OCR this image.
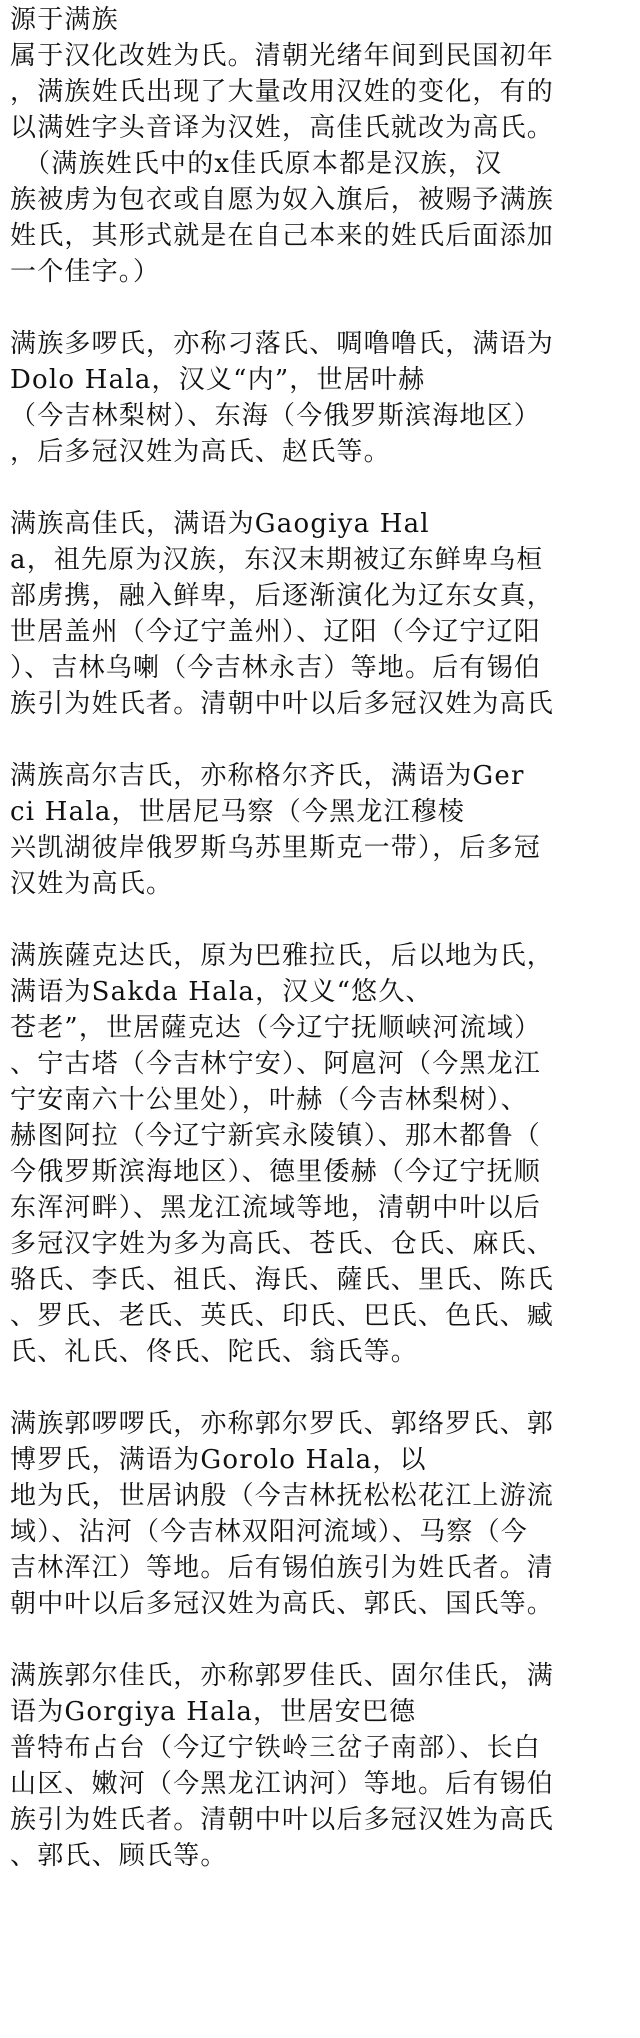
源于满族
属于汉化改姓为氏。清朝光绪年间到民国初年
，满族姓氏出现了大量改用汉姓的变化，有的
以满姓字头音译为汉姓，高佳氏就改为高氏。
（满族姓氏中的x佳氏原本都是汉族，汉
族被虏为包衣或自愿为奴入旗后，被赐予满族
姓氏，其形式就是在自己本来的姓氏后面添加
一个佳字。）
满族多啰氏，亦称刁落氏、啁噜噜氏，满语为
Dolo Hala，汉义“内”，世居叶赫
（今吉林梨树）、东海（今俄罗斯滨海地区）
，后多冠汉姓为高氏、赵氏等。
满族高佳氏，满语为Gaogiya Hal
a，祖先原为汉族，东汉末期被辽东鲜卑乌桓
部虏携，融入鲜卑，后逐渐演化为辽东女真，
世居盖州（今辽宁盖州）、辽阳（今辽宁辽阳
）、吉林乌喇（今吉林永吉）等地。后有锡伯
族引为姓氏者。清朝中叶以后多冠汉姓为高氏
满族高尔吉氏，亦称格尔齐氏，满语为Ger
ci Hala，世居尼马察（今黑龙江穆棱
兴凯湖彼岸俄罗斯乌苏里斯克一带），后多冠
汉姓为高氏。
满族薩克达氏，原为巴雅拉氏，后以地为氏，
满语为Sakda Hala，汉义“悠久、
苍老”，世居薩克达（今辽宁抚顺峡河流域）
、宁古塔（今吉林宁安）、阿扈河（今黑龙江
宁安南六十公里处），叶赫（今吉林梨树）、
赫图阿拉（今辽宁新宾永陵镇）、那木都鲁（
今俄罗斯滨海地区）、德里倭赫（今辽宁抚顺
东浑河畔）、黑龙江流域等地，清朝中叶以后
多冠汉字姓为多为高氏、苍氏、仓氏、麻氏、
骆氏、李氏、祖氏、海氏、薩氏、里氏、陈氏
、罗氏、老氏、英氏、印氏、巴氏、色氏、臧
氏、礼氏、佟氏、陀氏、翁氏等。
满族郭啰啰氏，亦称郭尔罗氏、郭络罗氏、郭
博罗氏，满语为Gorolo Hala，以
地为氏，世居讷殷（今吉林抚松松花江上游流
域）、沾河（今吉林双阳河流域）、马察（今
吉林浑江）等地。后有锡伯族引为姓氏者。清
朝中叶以后多冠汉姓为高氏、郭氏、国氏等。
满族郭尔佳氏，亦称郭罗佳氏、固尔佳氏，满
语为Gorgiya Hala，世居安巴德
普特布占台（今辽宁铁岭三岔子南部）、长白
山区、嫩河（今黑龙江讷河）等地。后有锡伯
族引为姓氏者。清朝中叶以后多冠汉姓为高氏
、郭氏、顾氏等。
